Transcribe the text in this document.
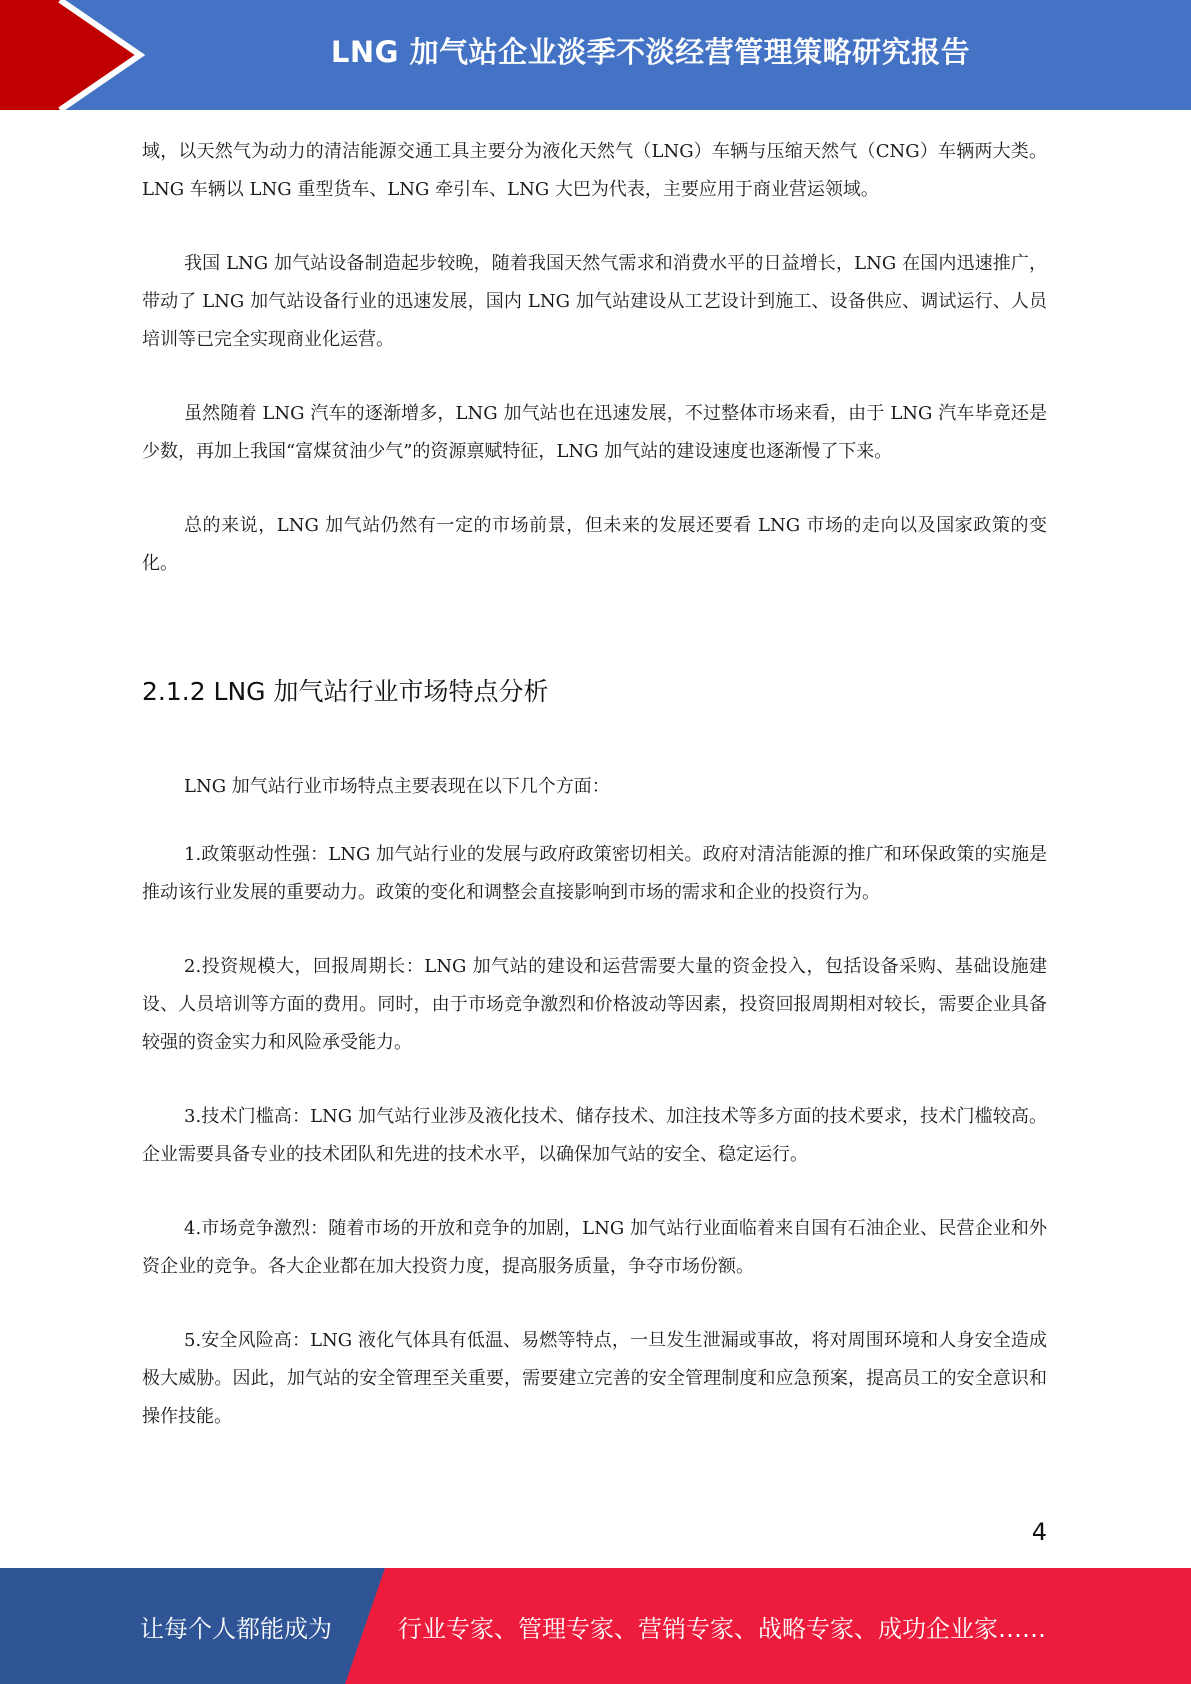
LNG 加气站企业淡季不淡经营管理策略研究报告

域，以天然气为动力的清洁能源交通工具主要分为液化天然气（LNG）车辆与压缩天然气（CNG）车辆两大类。LNG 车辆以 LNG 重型货车、LNG 牵引车、LNG 大巴为代表，主要应用于商业营运领域。

我国 LNG 加气站设备制造起步较晚，随着我国天然气需求和消费水平的日益增长，LNG 在国内迅速推广，带动了 LNG 加气站设备行业的迅速发展，国内 LNG 加气站建设从工艺设计到施工、设备供应、调试运行、人员培训等已完全实现商业化运营。

虽然随着 LNG 汽车的逐渐增多，LNG 加气站也在迅速发展，不过整体市场来看，由于 LNG 汽车毕竟还是少数，再加上我国“富煤贫油少气”的资源禀赋特征，LNG 加气站的建设速度也逐渐慢了下来。

总的来说，LNG 加气站仍然有一定的市场前景，但未来的发展还要看 LNG 市场的走向以及国家政策的变化。

2.1.2 LNG 加气站行业市场特点分析

LNG 加气站行业市场特点主要表现在以下几个方面：

1.政策驱动性强：LNG 加气站行业的发展与政府政策密切相关。政府对清洁能源的推广和环保政策的实施是推动该行业发展的重要动力。政策的变化和调整会直接影响到市场的需求和企业的投资行为。

2.投资规模大，回报周期长：LNG 加气站的建设和运营需要大量的资金投入，包括设备采购、基础设施建设、人员培训等方面的费用。同时，由于市场竞争激烈和价格波动等因素，投资回报周期相对较长，需要企业具备较强的资金实力和风险承受能力。

3.技术门槛高：LNG 加气站行业涉及液化技术、储存技术、加注技术等多方面的技术要求，技术门槛较高。企业需要具备专业的技术团队和先进的技术水平，以确保加气站的安全、稳定运行。

4.市场竞争激烈：随着市场的开放和竞争的加剧，LNG 加气站行业面临着来自国有石油企业、民营企业和外资企业的竞争。各大企业都在加大投资力度，提高服务质量，争夺市场份额。

5.安全风险高：LNG 液化气体具有低温、易燃等特点，一旦发生泄漏或事故，将对周围环境和人身安全造成极大威胁。因此，加气站的安全管理至关重要，需要建立完善的安全管理制度和应急预案，提高员工的安全意识和操作技能。

4
让每个人都能成为	行业专家、管理专家、营销专家、战略专家、成功企业家……
